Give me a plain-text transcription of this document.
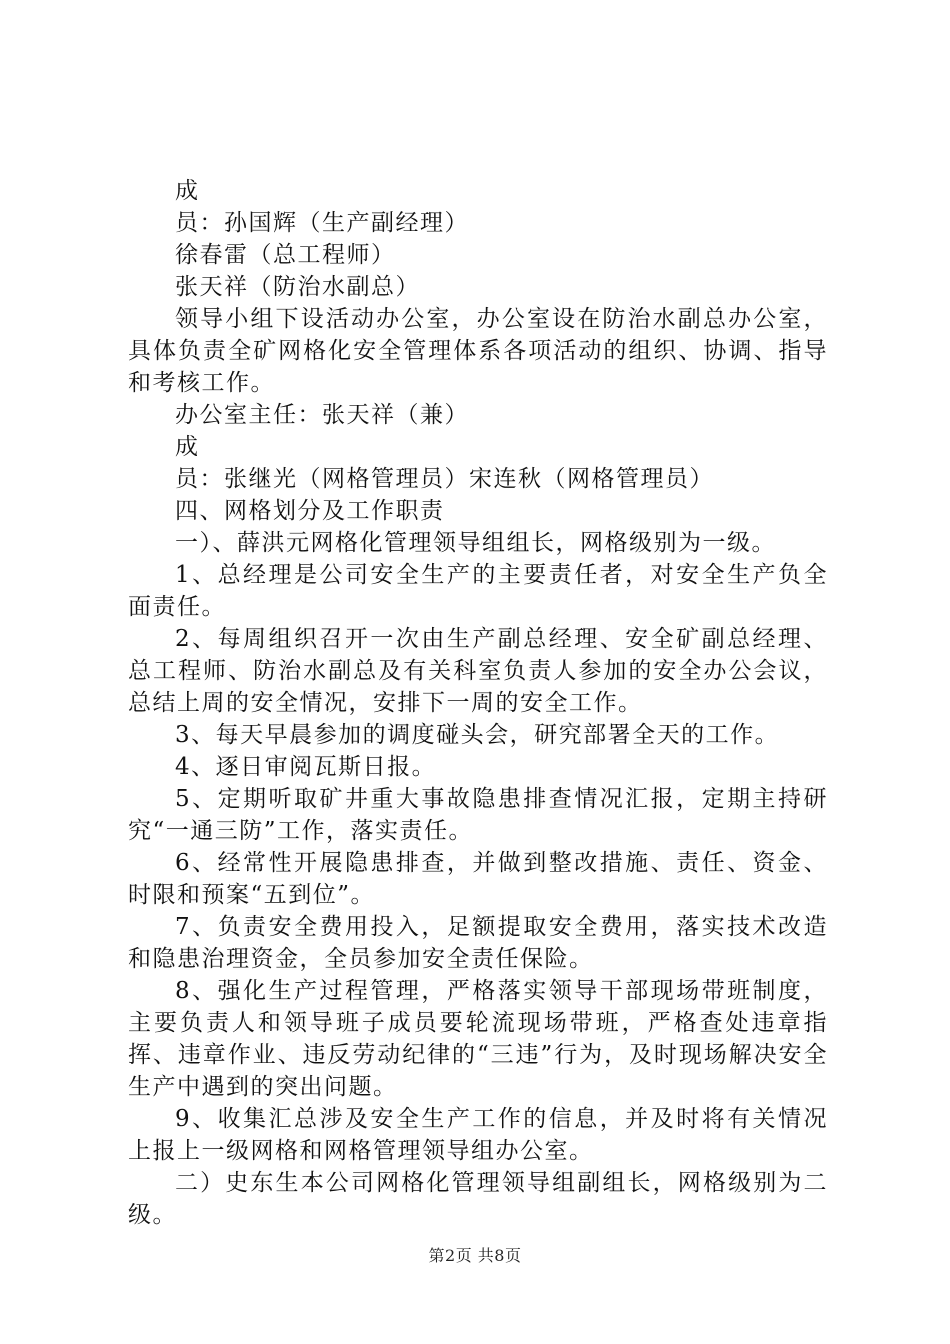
成
员：孙国辉（生产副经理）
徐春雷（总工程师）
张天祥（防治水副总）

领导小组下设活动办公室，办公室设在防治水副总办公室，具体负责全矿网格化安全管理体系各项活动的组织、协调、指导和考核工作。

办公室主任：张天祥（兼）

成

员：张继光（网格管理员）宋连秋（网格管理员）

四、网格划分及工作职责

一）、薛洪元网格化管理领导组组长，网格级别为一级。

1、总经理是公司安全生产的主要责任者，对安全生产负全面责任。

2、每周组织召开一次由生产副总经理、安全矿副总经理、总工程师、防治水副总及有关科室负责人参加的安全办公会议，总结上周的安全情况，安排下一周的安全工作。

3、每天早晨参加的调度碰头会，研究部署全天的工作。

4、逐日审阅瓦斯日报。

5、定期听取矿井重大事故隐患排查情况汇报，定期主持研究“一通三防”工作，落实责任。

6、经常性开展隐患排查，并做到整改措施、责任、资金、时限和预案“五到位”。

7、负责安全费用投入，足额提取安全费用，落实技术改造和隐患治理资金，全员参加安全责任保险。

8、强化生产过程管理，严格落实领导干部现场带班制度，主要负责人和领导班子成员要轮流现场带班，严格查处违章指挥、违章作业、违反劳动纪律的“三违”行为，及时现场解决安全生产中遇到的突出问题。

9、收集汇总涉及安全生产工作的信息，并及时将有关情况上报上一级网格和网格管理领导组办公室。

二）史东生本公司网格化管理领导组副组长，网格级别为二级。

第2页 共8页
